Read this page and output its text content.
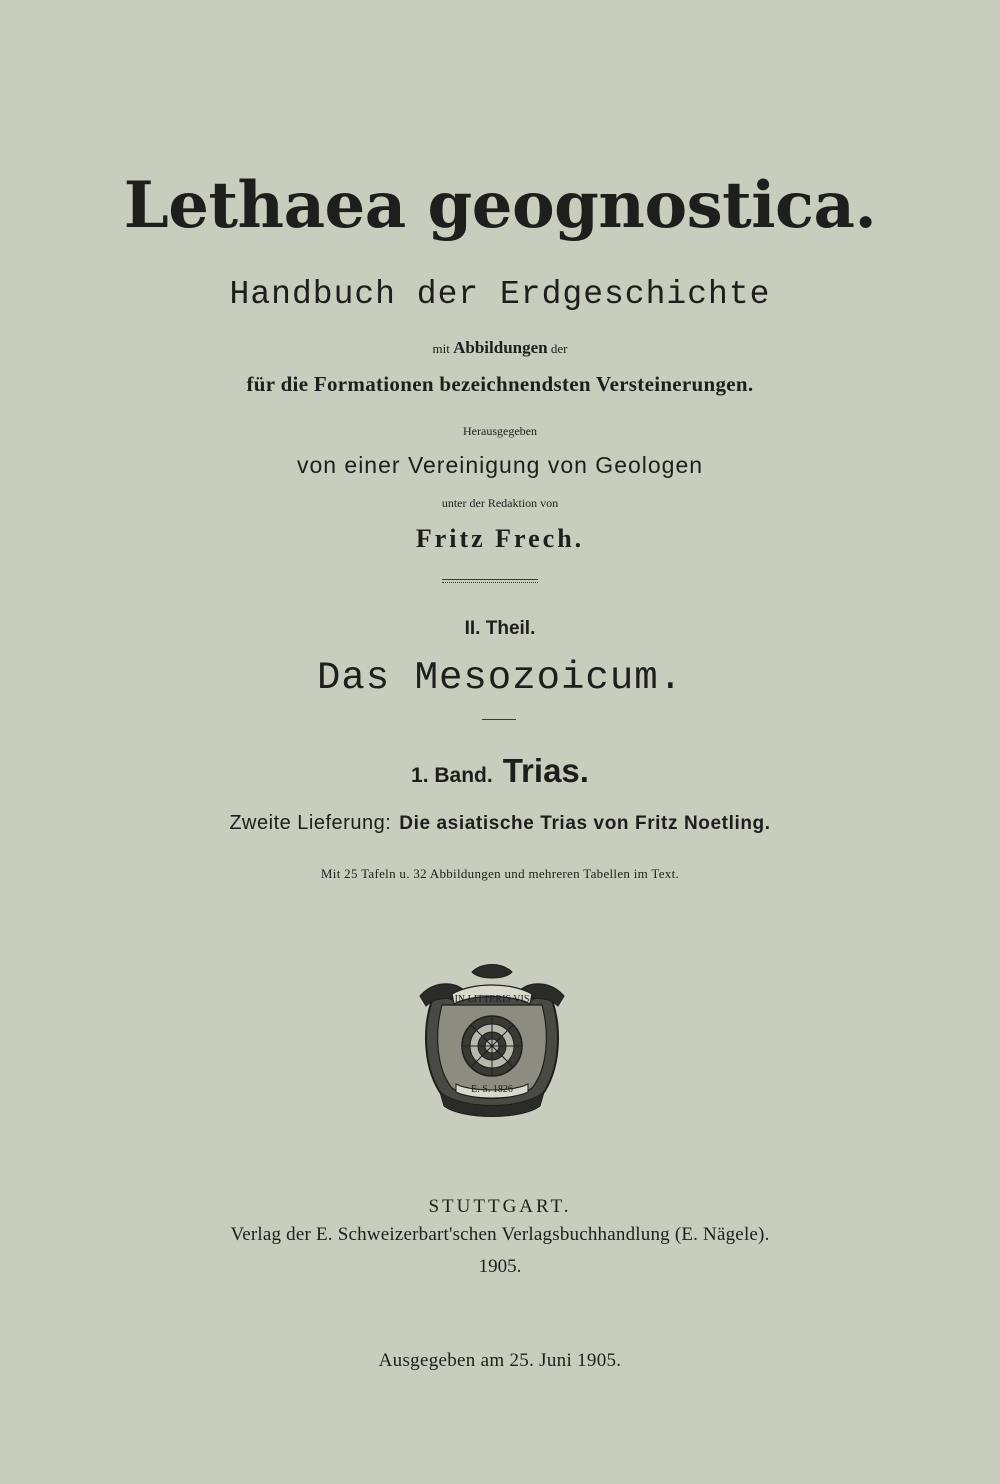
Lethaea geognostica.
Handbuch der Erdgeschichte
mit Abbildungen der
für die Formationen bezeichnendsten Versteinerungen.
Herausgegeben
von einer Vereinigung von Geologen
unter der Redaktion von
Fritz Frech.
II. Theil.
Das Mesozoicum.
1. Band. Trias.
Zweite Lieferung: Die asiatische Trias von Fritz Noetling.
Mit 25 Tafeln u. 32 Abbildungen und mehreren Tabellen im Text.
IN LITTERIS VIS
E. S. 1826
STUTTGART.
Verlag der E. Schweizerbart'schen Verlagsbuchhandlung (E. Nägele).
1905.
Ausgegeben am 25. Juni 1905.
